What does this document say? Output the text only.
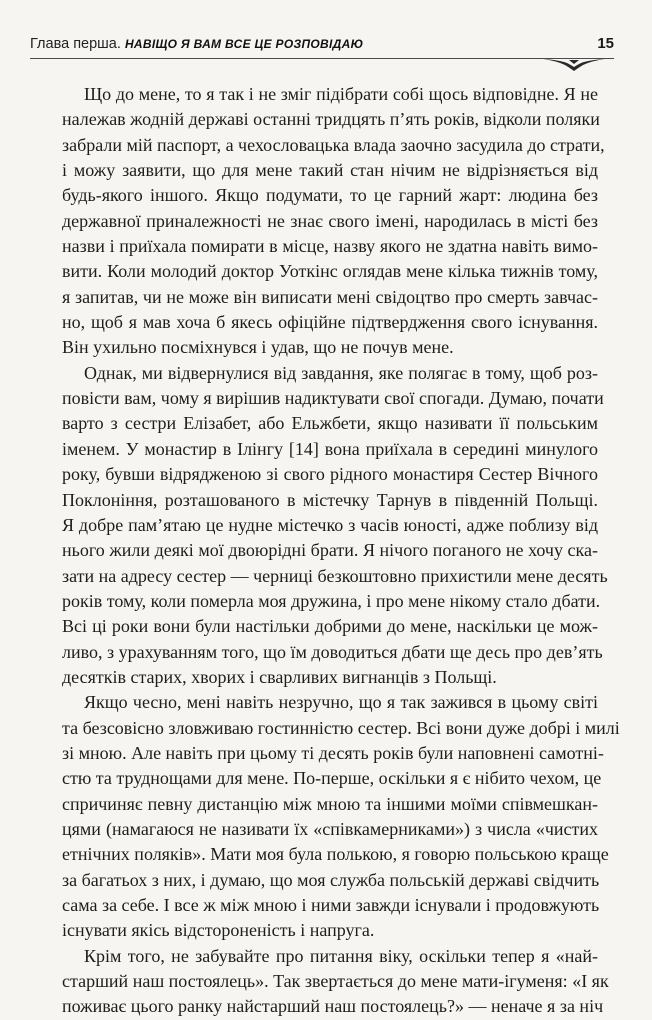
Глава перша. НАВІЩО Я ВАМ ВСЕ ЦЕ РОЗПОВІДАЮ	15
Що до мене, то я так і не зміг підібрати собі щось відповідне. Я не
належав жодній державі останні тридцять п’ять років, відколи поляки
забрали мій паспорт, а чехословацька влада заочно засудила до страти,
і можу заявити, що для мене такий стан нічим не відрізняється від
будь-якого іншого. Якщо подумати, то це гарний жарт: людина без
державної приналежності не знає свого імені, народилась в місті без
назви і приїхала помирати в місце, назву якого не здатна навіть вимо-
вити. Коли молодий доктор Уоткінс оглядав мене кілька тижнів тому,
я запитав, чи не може він виписати мені свідоцтво про смерть завчас-
но, щоб я мав хоча б якесь офіційне підтвердження свого існування.
Він ухильно посміхнувся і удав, що не почув мене.
Однак, ми відвернулися від завдання, яке полягає в тому, щоб роз-
повісти вам, чому я вирішив надиктувати свої спогади. Думаю, почати
варто з сестри Елізабет, або Ельжбети, якщо називати її польським
іменем. У монастир в Ілінгу [14] вона приїхала в середині минулого
року, бувши відрядженою зі свого рідного монастиря Сестер Вічного
Поклоніння, розташованого в містечку Тарнув в південній Польщі.
Я добре пам’ятаю це нудне містечко з часів юності, адже поблизу від
нього жили деякі мої двоюрідні брати. Я нічого поганого не хочу ска-
зати на адресу сестер — черниці безкоштовно прихистили мене десять
років тому, коли померла моя дружина, і про мене нікому стало дбати.
Всі ці роки вони були настільки добрими до мене, наскільки це мож-
ливо, з урахуванням того, що їм доводиться дбати ще десь про дев’ять
десятків старих, хворих і сварливих вигнанців з Польщі.
Якщо чесно, мені навіть незручно, що я так зажився в цьому світі
та безсовісно зловживаю гостинністю сестер. Всі вони дуже добрі і милі
зі мною. Але навіть при цьому ті десять років були наповнені самотні-
стю та труднощами для мене. По-перше, оскільки я є нібито чехом, це
спричиняє певну дистанцію між мною та іншими моїми співмешкан-
цями (намагаюся не називати їх «співкамерниками») з числа «чистих
етнічних поляків». Мати моя була полькою, я говорю польською краще
за багатьох з них, і думаю, що моя служба польській державі свідчить
сама за себе. І все ж між мною і ними завжди існували і продовжують
існувати якісь відстороненість і напруга.
Крім того, не забувайте про питання віку, оскільки тепер я «най-
старший наш постоялець». Так звертається до мене мати-ігуменя: «І як
поживає цього ранку найстарший наш постоялець?» — неначе я за ніч
